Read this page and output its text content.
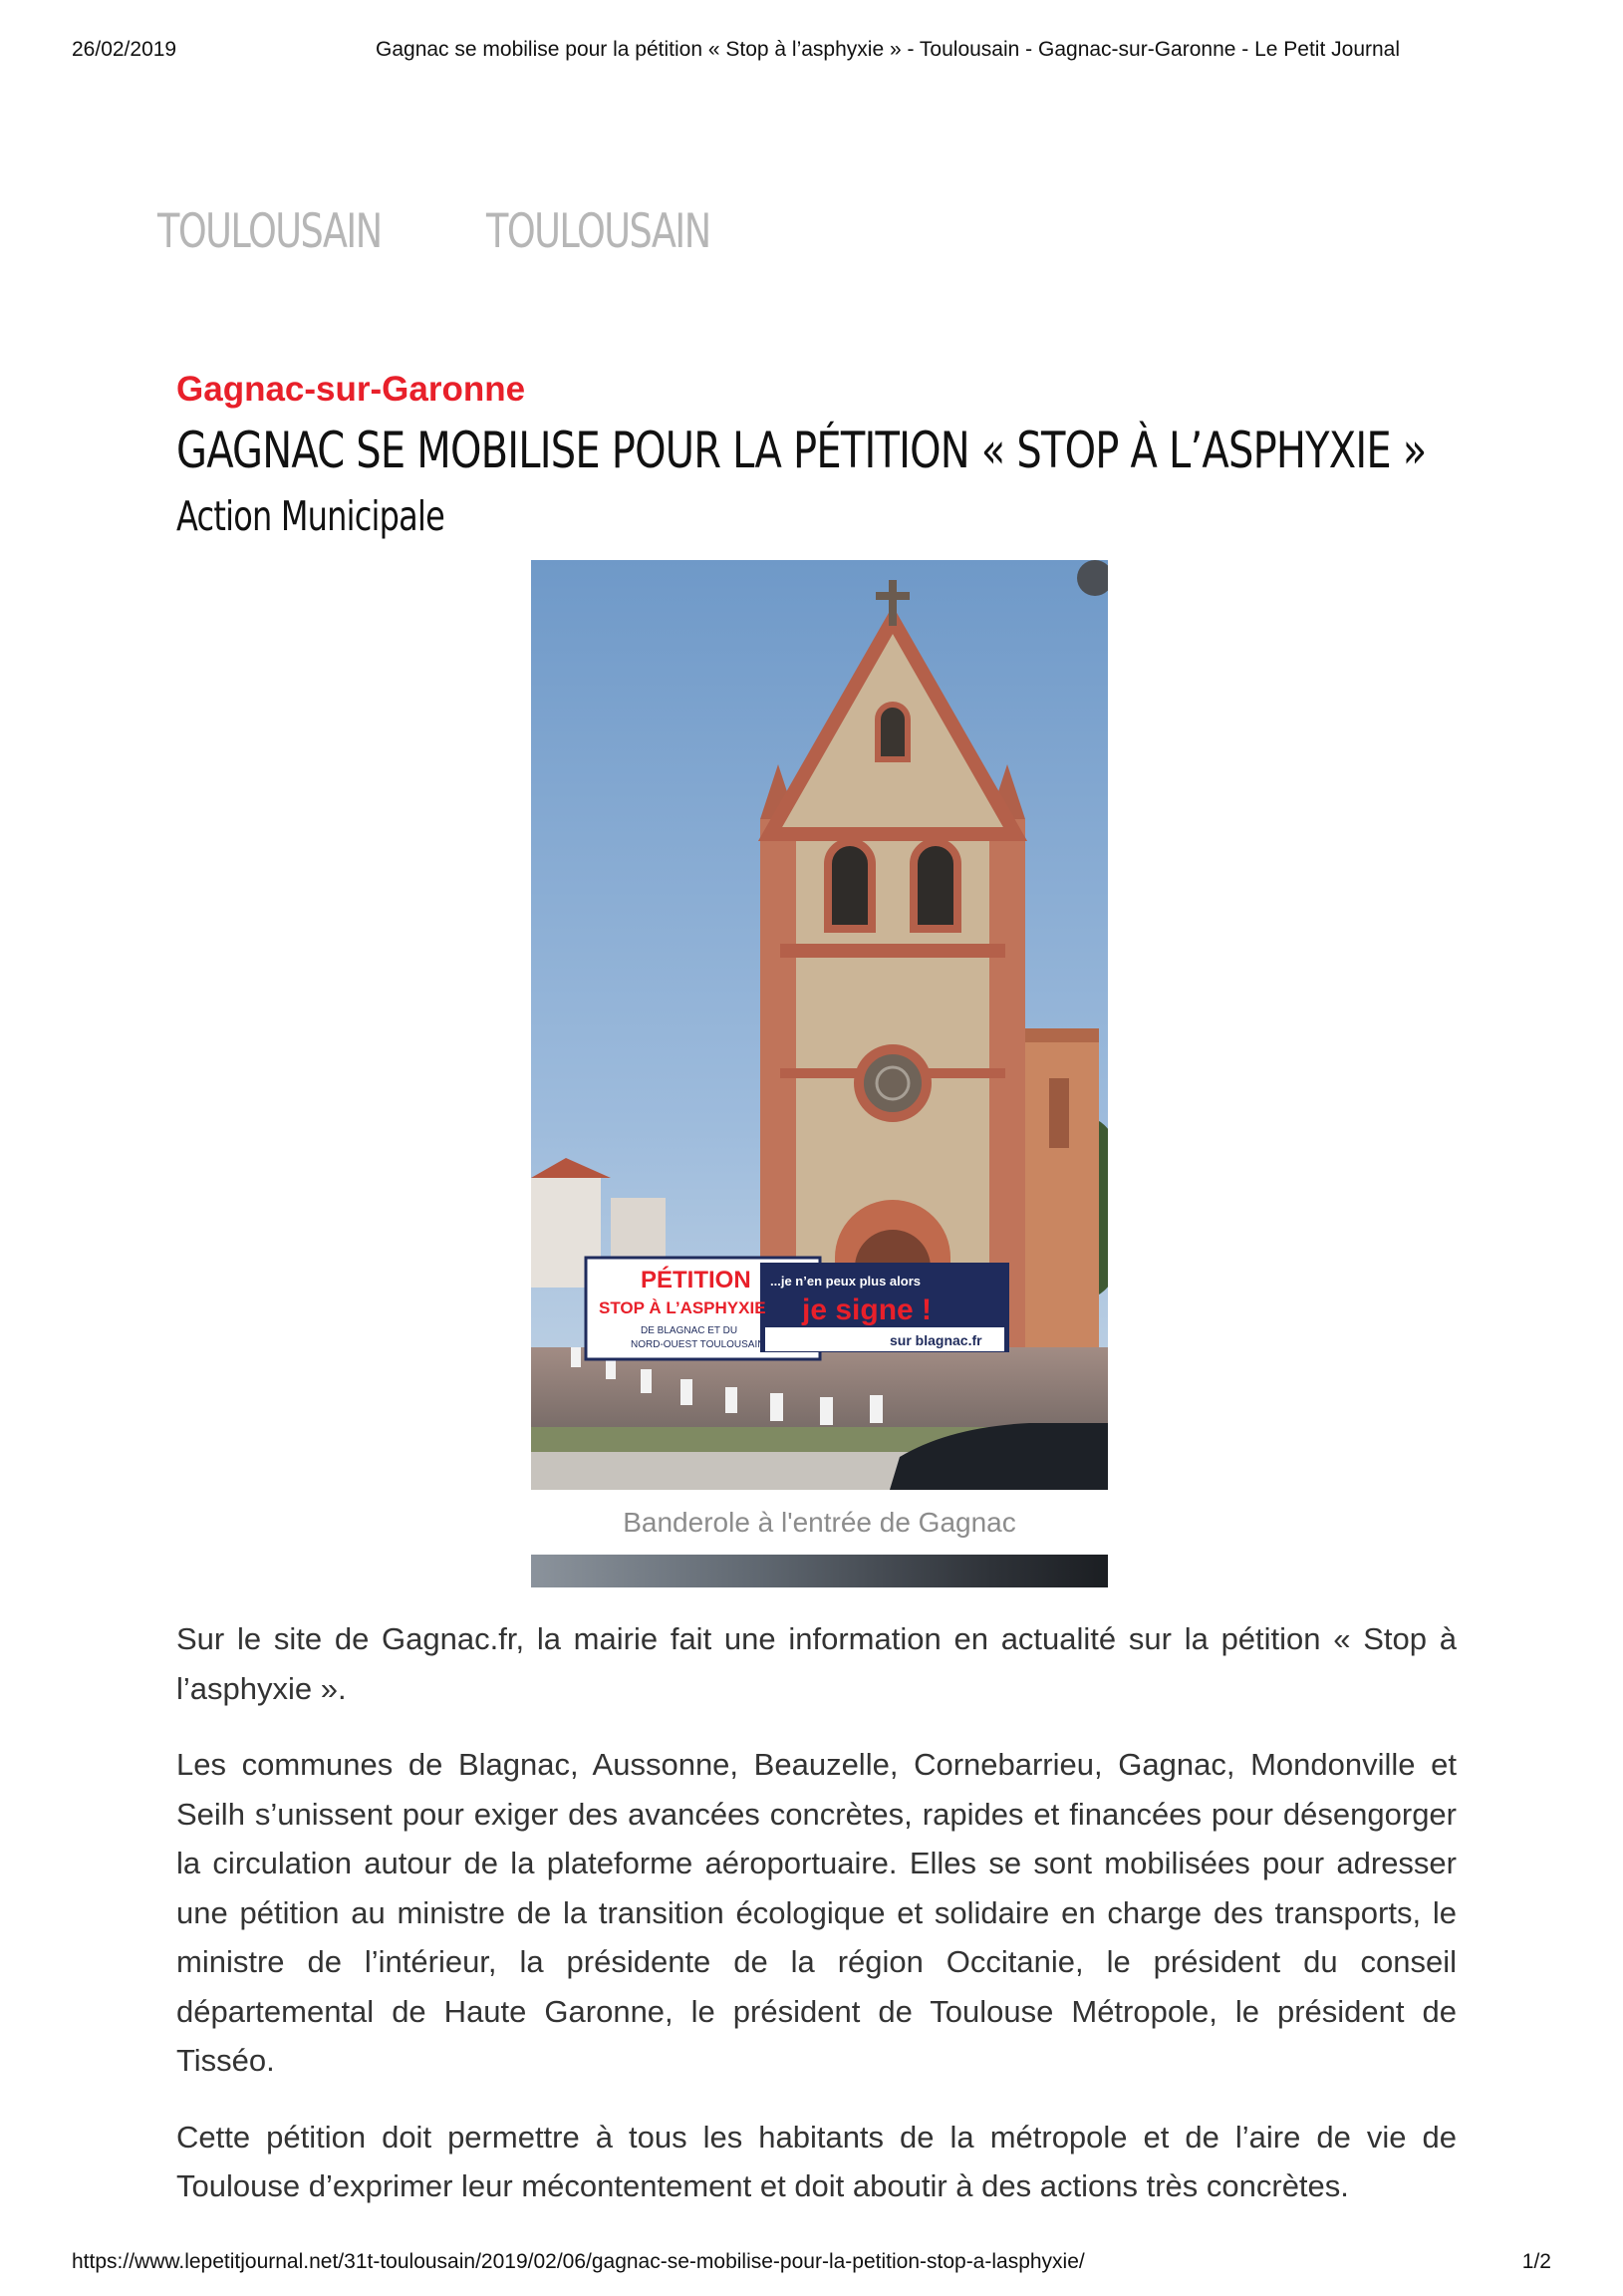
26/02/2019	Gagnac se mobilise pour la pétition « Stop à l’asphyxie » - Toulousain - Gagnac-sur-Garonne - Le Petit Journal
TOULOUSAIN	TOULOUSAIN
Gagnac-sur-Garonne
GAGNAC SE MOBILISE POUR LA PÉTITION « STOP À L’ASPHYXIE »
Action Municipale
PÉTITION
STOP À L’ASPHYXIE
DE BLAGNAC ET DU
NORD-OUEST TOULOUSAIN
...je n’en peux plus alors
je signe !
sur blagnac.fr
Banderole à l'entrée de Gagnac

Sur le site de Gagnac.fr, la mairie fait une information en actualité sur la pétition « Stop à l’asphyxie ».

Les communes de Blagnac, Aussonne, Beauzelle, Cornebarrieu, Gagnac, Mondonville et Seilh s’unissent pour exiger des avancées concrètes, rapides et financées pour désengorger la circulation autour de la plateforme aéroportuaire. Elles se sont mobilisées pour adresser une pétition au ministre de la transition écologique et solidaire en charge des transports, le ministre de l’intérieur, la présidente de la région Occitanie, le président du conseil départemental de Haute Garonne, le président de Toulouse Métropole, le président de Tisséo.

Cette pétition doit permettre à tous les habitants de la métropole et de l’aire de vie de Toulouse d’exprimer leur mécontentement et doit aboutir à des actions très concrètes.

https://www.lepetitjournal.net/31t-toulousain/2019/02/06/gagnac-se-mobilise-pour-la-petition-stop-a-lasphyxie/	1/2
